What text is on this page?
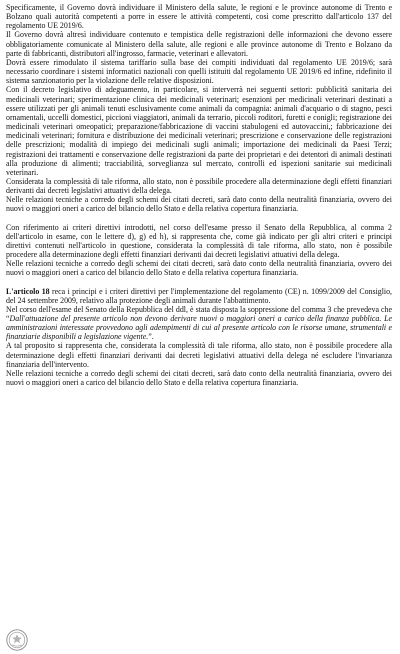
Specificamente, il Governo dovrà individuare il Ministero della salute, le regioni e le province autonome di Trento e Bolzano quali autorità competenti a porre in essere le attività competenti, così come prescritto dall'articolo 137 del regolamento UE 2019/6.

Il Governo dovrà altresì individuare contenuto e tempistica delle registrazioni delle informazioni che devono essere obbligatoriamente comunicate al Ministero della salute, alle regioni e alle province autonome di Trento e Bolzano da parte di fabbricanti, distributori all'ingrosso, farmacie, veterinari e allevatori.

Dovrà essere rimodulato il sistema tariffario sulla base dei compiti individuati dal regolamento UE 2019/6; sarà necessario coordinare i sistemi informatici nazionali con quelli istituiti dal regolamento UE 2019/6 ed infine, ridefinito il sistema sanzionatorio per la violazione delle relative disposizioni.

Con il decreto legislativo di adeguamento, in particolare, si interverrà nei seguenti settori: pubblicità sanitaria dei medicinali veterinari; sperimentazione clinica dei medicinali veterinari; esenzioni per medicinali veterinari destinati a essere utilizzati per gli animali tenuti esclusivamente come animali da compagnia: animali d'acquario o di stagno, pesci ornamentali, uccelli domestici, piccioni viaggiatori, animali da terrario, piccoli roditori, furetti e conigli; registrazione dei medicinali veterinari omeopatici; preparazione/fabbricazione di vaccini stabulogeni ed autovaccini,; fabbricazione dei medicinali veterinari; fornitura e distribuzione dei medicinali veterinari; prescrizione e conservazione delle registrazioni delle prescrizioni; modalità di impiego dei medicinali sugli animali; importazione dei medicinali da Paesi Terzi; registrazioni dei trattamenti e conservazione delle registrazioni da parte dei proprietari e dei detentori di animali destinati alla produzione di alimenti; tracciabilità, sorveglianza sul mercato, controlli ed ispezioni sanitarie sui medicinali veterinari.

Considerata la complessità di tale riforma, allo stato, non è possibile procedere alla determinazione degli effetti finanziari derivanti dai decreti legislativi attuativi della delega.

Nelle relazioni tecniche a corredo degli schemi dei citati decreti, sarà dato conto della neutralità finanziaria, ovvero dei nuovi o maggiori oneri a carico del bilancio dello Stato e della relativa copertura finanziaria.

Con riferimento ai criteri direttivi introdotti, nel corso dell'esame presso il Senato della Repubblica, al comma 2 dell'articolo in esame, con le lettere d), g) ed h), si rappresenta che, come già indicato per gli altri criteri e principi direttivi contenuti nell'articolo in questione, considerata la complessità di tale riforma, allo stato, non è possibile procedere alla determinazione degli effetti finanziari derivanti dai decreti legislativi attuativi della delega.

Nelle relazioni tecniche a corredo degli schemi dei citati decreti, sarà dato conto della neutralità finanziaria, ovvero dei nuovi o maggiori oneri a carico del bilancio dello Stato e della relativa copertura finanziaria.

L'articolo 18 reca i principi e i criteri direttivi per l'implementazione del regolamento (CE) n. 1099/2009 del Consiglio, del 24 settembre 2009, relativo alla protezione degli animali durante l'abbattimento.

Nel corso dell'esame del Senato della Repubblica del ddl, è stata disposta la soppressione del comma 3 che prevedeva che “Dall'attuazione del presente articolo non devono derivare nuovi o maggiori oneri a carico della finanza pubblica. Le amministrazioni interessate provvedono agli adempimenti di cui al presente articolo con le risorse umane, strumentali e finanziarie disponibili a legislazione vigente.”.

A tal proposito si rappresenta che, considerata la complessità di tale riforma, allo stato, non è possibile procedere alla determinazione degli effetti finanziari derivanti dai decreti legislativi attuativi della delega né escludere l'invarianza finanziaria dell'intervento.

Nelle relazioni tecniche a corredo degli schemi dei citati decreti, sarà dato conto della neutralità finanziaria, ovvero dei nuovi o maggiori oneri a carico del bilancio dello Stato e della relativa copertura finanziaria.
